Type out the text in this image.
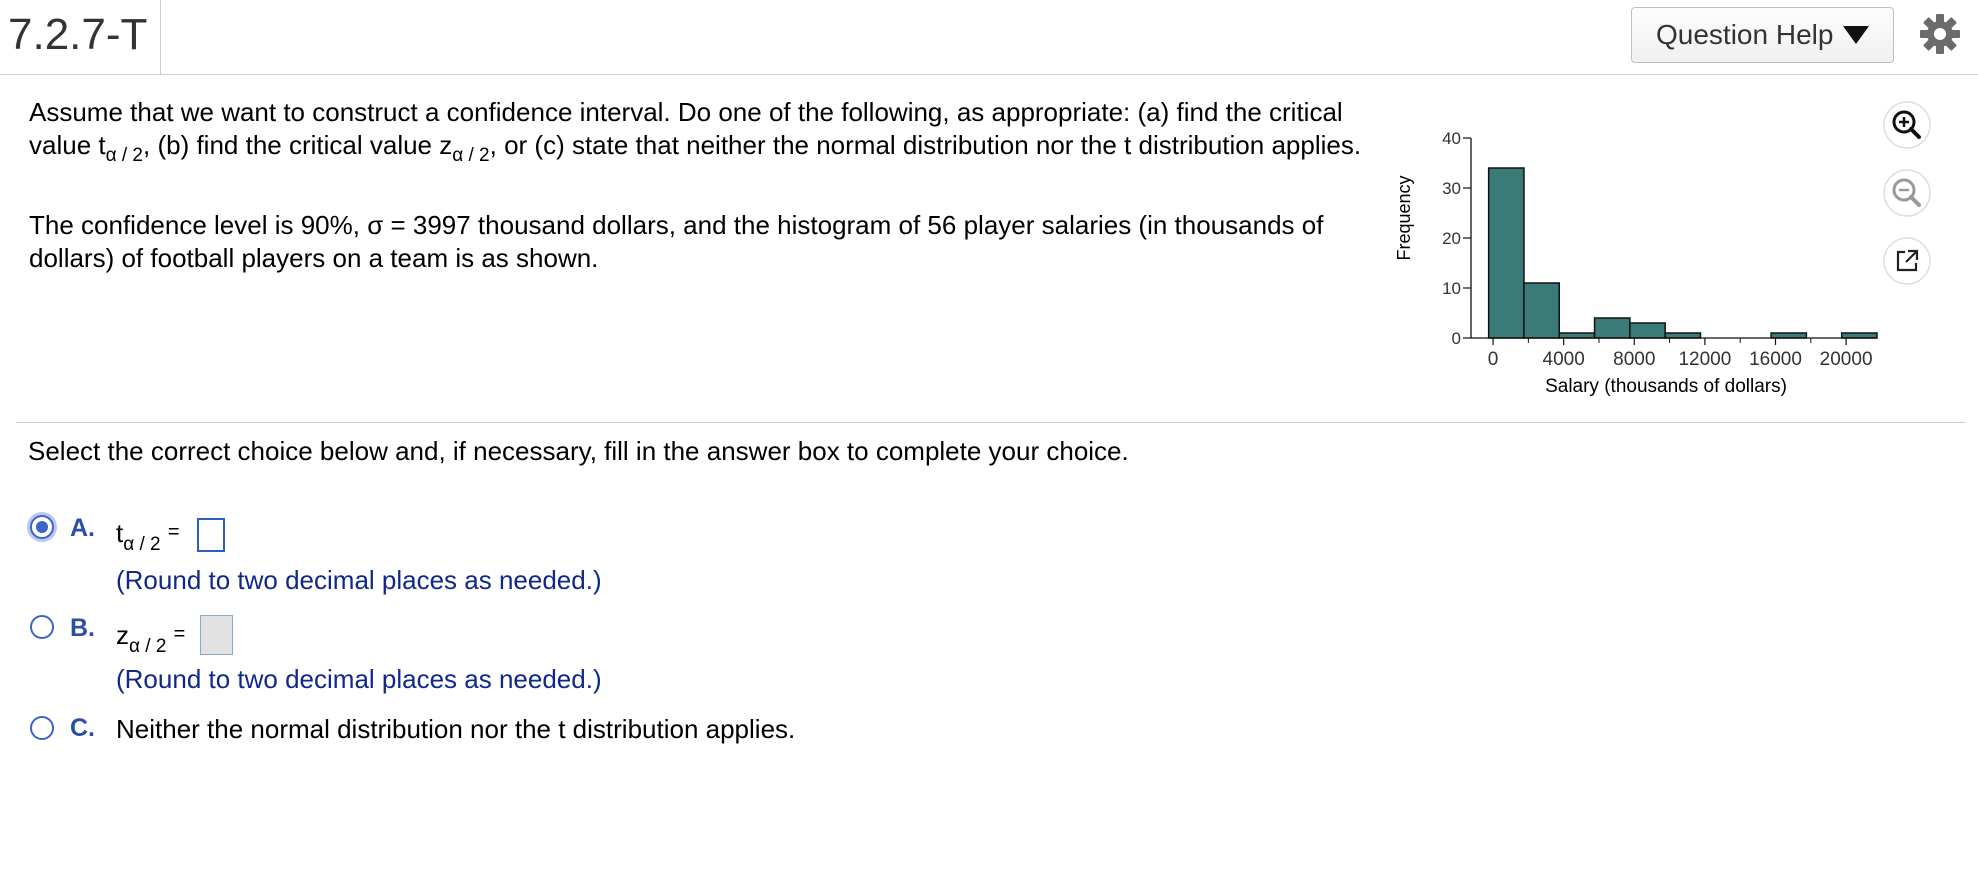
7.2.7-T	Question Help

Assume that we want to construct a confidence interval. Do one of the following, as appropriate: (a) find the critical
value $t_{\alpha / 2}$, (b) find the critical value $z_{\alpha / 2}$, or (c) state that neither the normal distribution nor the t distribution applies.

The confidence level is 90%, σ = 3997 thousand dollars, and the histogram of 56 player salaries (in thousands of
dollars) of football players on a team is as shown.

0
10
20
30
40
0 4000 8000 12000 16000 20000
Frequency
Salary (thousands of dollars)
Select the correct choice below and, if necessary, fill in the answer box to complete your choice.
A. $t_{\alpha / 2}$ =
(Round to two decimal places as needed.)
B. $z_{\alpha / 2}$ =
(Round to two decimal places as needed.)
C. Neither the normal distribution nor the t distribution applies.
